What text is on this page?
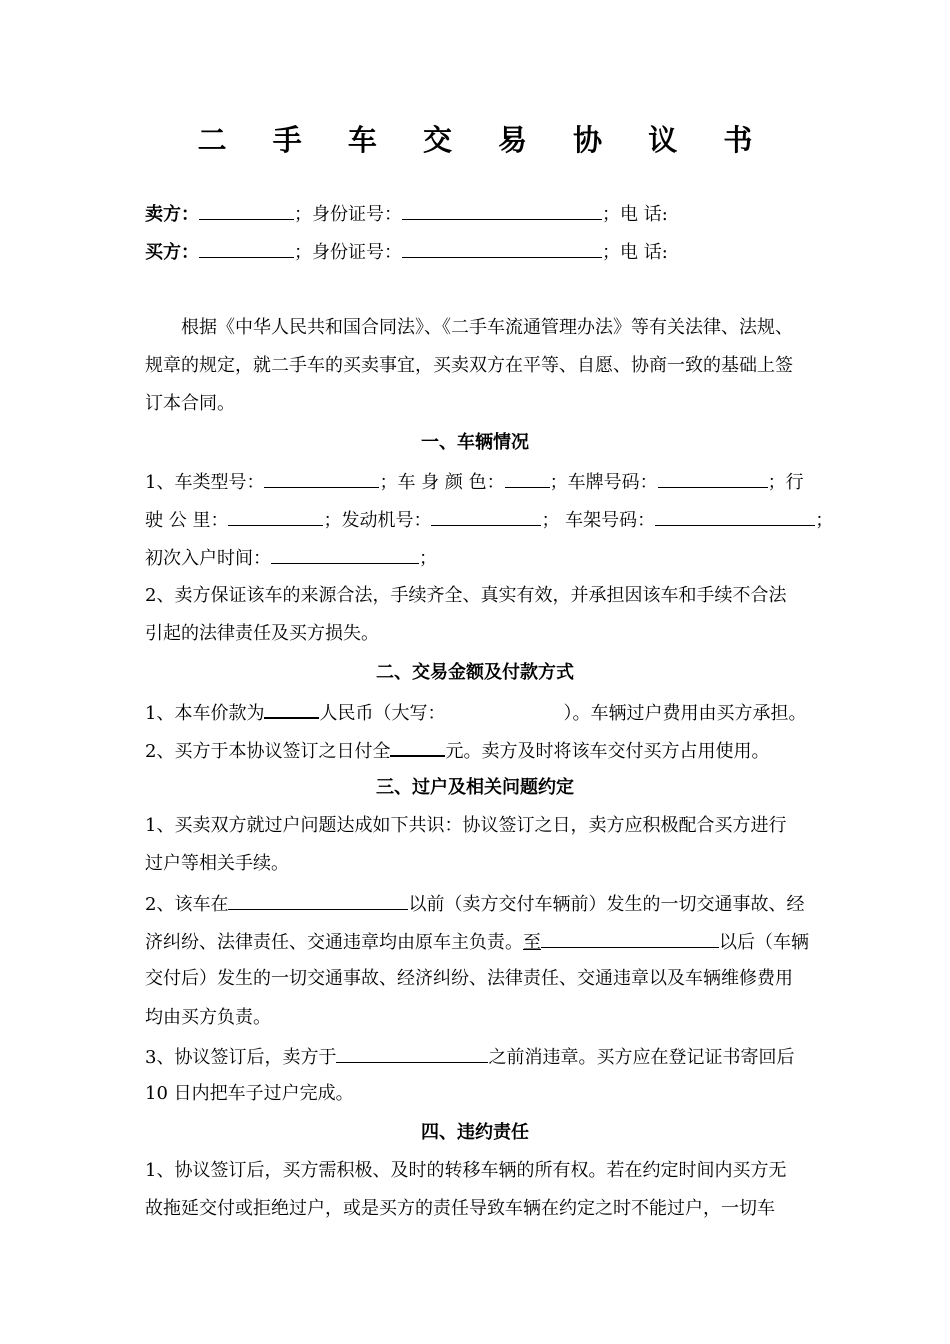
二 手 车 交 易 协 议 书
卖方：	；身份证号：	；电 话:
买方：	；身份证号：	；电 话:
根据《中华人民共和国合同法》、《二手车流通管理办法》等有关法律、法规、
规章的规定，就二手车的买卖事宜，买卖双方在平等、自愿、协商一致的基础上签
订本合同。
一、车辆情况
1、车类型号：	；车 身 颜 色：	；车牌号码：	；行
驶 公 里：	；发动机号：	； 车架号码：	；
初次入户时间：	；
2、卖方保证该车的来源合法，手续齐全、真实有效，并承担因该车和手续不合法
引起的法律责任及买方损失。
二、交易金额及付款方式
1、本车价款为	人民币（大写：	）。车辆过户费用由买方承担。
2、买方于本协议签订之日付全	元。卖方及时将该车交付买方占用使用。
三、过户及相关问题约定
1、买卖双方就过户问题达成如下共识：协议签订之日，卖方应积极配合买方进行
过户等相关手续。
2、该车在	以前（卖方交付车辆前）发生的一切交通事故、经
济纠纷、法律责任、交通违章均由原车主负责。至	以后（车辆
交付后）发生的一切交通事故、经济纠纷、法律责任、交通违章以及车辆维修费用
均由买方负责。
3、协议签订后，卖方于	之前消违章。买方应在登记证书寄回后
10 日内把车子过户完成。
四、违约责任
1、协议签订后，买方需积极、及时的转移车辆的所有权。若在约定时间内买方无
故拖延交付或拒绝过户，或是买方的责任导致车辆在约定之时不能过户，一切车
